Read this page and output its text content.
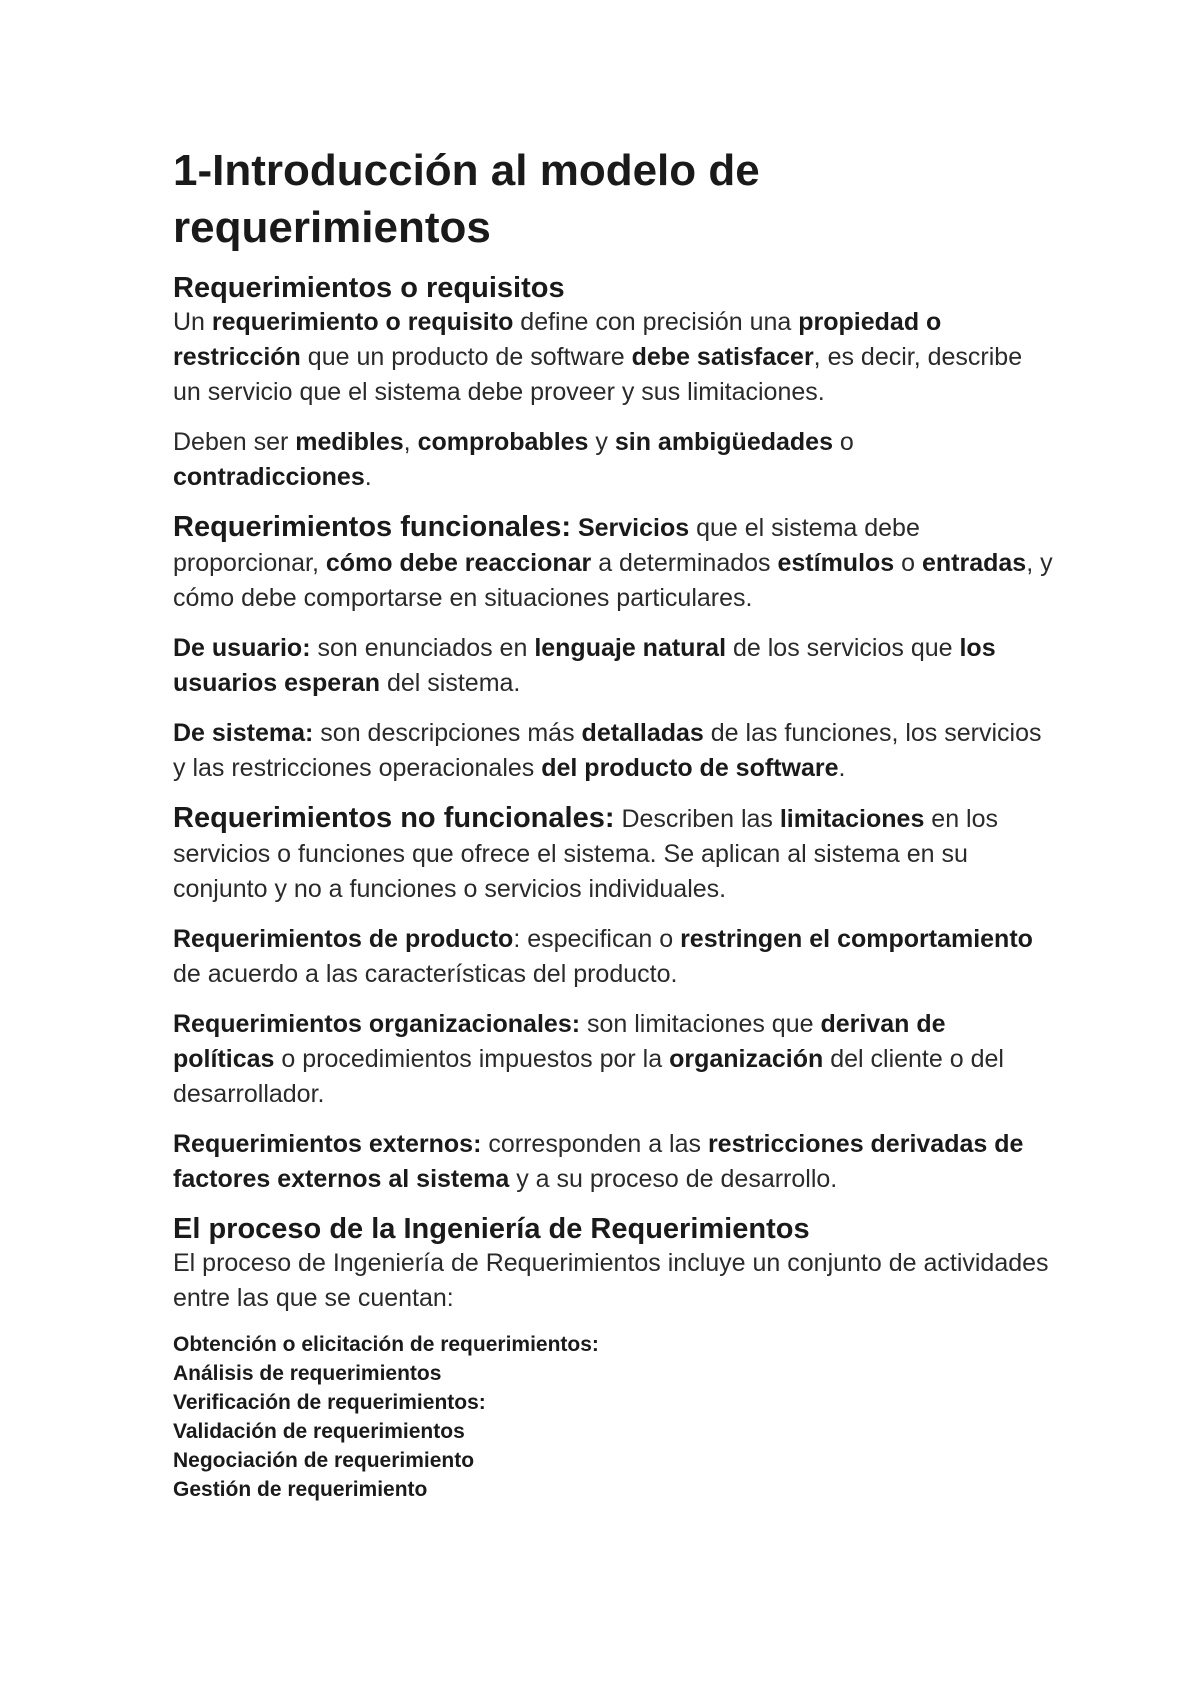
1-Introducción al modelo de requerimientos
Requerimientos o requisitos

Un requerimiento o requisito define con precisión una propiedad o restricción que un producto de software debe satisfacer, es decir, describe un servicio que el sistema debe proveer y sus limitaciones.

Deben ser medibles, comprobables y sin ambigüedades o contradicciones.

Requerimientos funcionales: Servicios que el sistema debe proporcionar, cómo debe reaccionar a determinados estímulos o entradas, y cómo debe comportarse en situaciones particulares.

De usuario: son enunciados en lenguaje natural de los servicios que los usuarios esperan del sistema.

De sistema: son descripciones más detalladas de las funciones, los servicios y las restricciones operacionales del producto de software.

Requerimientos no funcionales: Describen las limitaciones en los servicios o funciones que ofrece el sistema. Se aplican al sistema en su conjunto y no a funciones o servicios individuales.

Requerimientos de producto: especifican o restringen el comportamiento de acuerdo a las características del producto.

Requerimientos organizacionales: son limitaciones que derivan de políticas o procedimientos impuestos por la organización del cliente o del desarrollador.

Requerimientos externos: corresponden a las restricciones derivadas de factores externos al sistema y a su proceso de desarrollo.

El proceso de la Ingeniería de Requerimientos

El proceso de Ingeniería de Requerimientos incluye un conjunto de actividades entre las que se cuentan:

Obtención o elicitación de requerimientos:
Análisis de requerimientos
Verificación de requerimientos:
Validación de requerimientos
Negociación de requerimiento
Gestión de requerimiento
